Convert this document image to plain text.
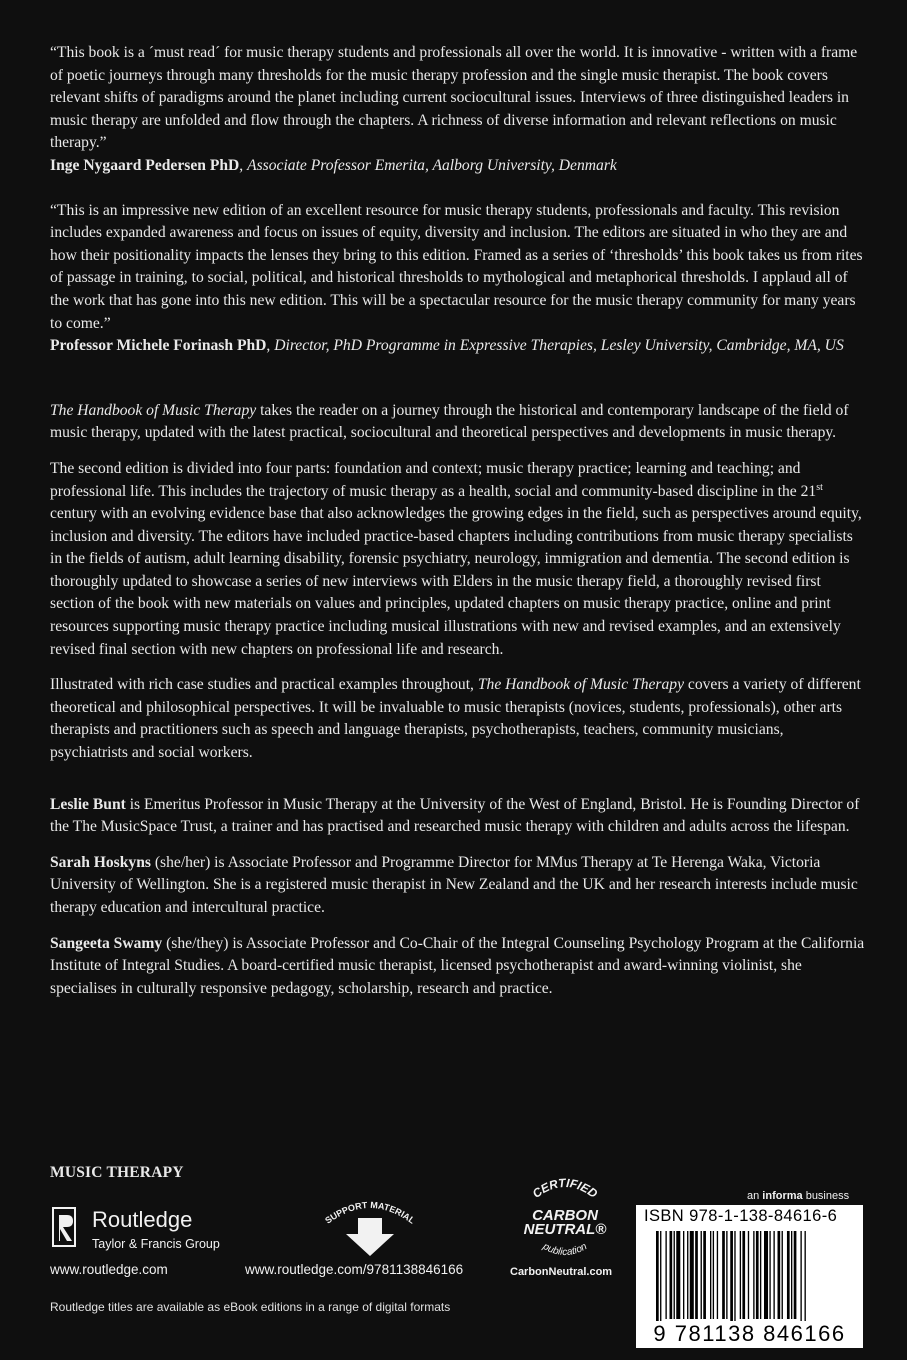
“This book is a ´must read´ for music therapy students and professionals all over the world. It is innovative - written with a frame of poetic journeys through many thresholds for the music therapy profession and the single music therapist. The book covers relevant shifts of paradigms around the planet including current sociocultural issues. Interviews of three distinguished leaders in music therapy are unfolded and flow through the chapters. A richness of diverse information and relevant reflections on music therapy.”

Inge Nygaard Pedersen PhD, Associate Professor Emerita, Aalborg University, Denmark

“This is an impressive new edition of an excellent resource for music therapy students, professionals and faculty. This revision includes expanded awareness and focus on issues of equity, diversity and inclusion. The editors are situated in who they are and how their positionality impacts the lenses they bring to this edition. Framed as a series of ‘thresholds’ this book takes us from rites of passage in training, to social, political, and historical thresholds to mythological and metaphorical thresholds. I applaud all of the work that has gone into this new edition. This will be a spectacular resource for the music therapy community for many years to come.”

Professor Michele Forinash PhD, Director, PhD Programme in Expressive Therapies, Lesley University, Cambridge, MA, US

The Handbook of Music Therapy takes the reader on a journey through the historical and contemporary landscape of the field of music therapy, updated with the latest practical, sociocultural and theoretical perspectives and developments in music therapy.

The second edition is divided into four parts: foundation and context; music therapy practice; learning and teaching; and professional life. This includes the trajectory of music therapy as a health, social and community-based discipline in the 21st century with an evolving evidence base that also acknowledges the growing edges in the field, such as perspectives around equity, inclusion and diversity. The editors have included practice-based chapters including contributions from music therapy specialists in the fields of autism, adult learning disability, forensic psychiatry, neurology, immigration and dementia. The second edition is thoroughly updated to showcase a series of new interviews with Elders in the music therapy field, a thoroughly revised first section of the book with new materials on values and principles, updated chapters on music therapy practice, online and print resources supporting music therapy practice including musical illustrations with new and revised examples, and an extensively revised final section with new chapters on professional life and research.

Illustrated with rich case studies and practical examples throughout, The Handbook of Music Therapy covers a variety of different theoretical and philosophical perspectives. It will be invaluable to music therapists (novices, students, professionals), other arts therapists and practitioners such as speech and language therapists, psychotherapists, teachers, community musicians, psychiatrists and social workers.

Leslie Bunt is Emeritus Professor in Music Therapy at the University of the West of England, Bristol. He is Founding Director of the The MusicSpace Trust, a trainer and has practised and researched music therapy with children and adults across the lifespan.

Sarah Hoskyns (she/her) is Associate Professor and Programme Director for MMus Therapy at Te Herenga Waka, Victoria University of Wellington. She is a registered music therapist in New Zealand and the UK and her research interests include music therapy education and intercultural practice.

Sangeeta Swamy (she/they) is Associate Professor and Co-Chair of the Integral Counseling Psychology Program at the California Institute of Integral Studies. A board-certified music therapist, licensed psychotherapist and award-winning violinist, she specialises in culturally responsive pedagogy, scholarship, research and practice.

MUSIC THERAPY
Routledge
Taylor & Francis Group
www.routledge.com
SUPPORT MATERIAL
www.routledge.com/9781138846166
CERTIFIED
CARBON
NEUTRAL®
publication
CarbonNeutral.com
an informa business
ISBN 978-1-138-84616-6
9 781138 846166
Routledge titles are available as eBook editions in a range of digital formats
